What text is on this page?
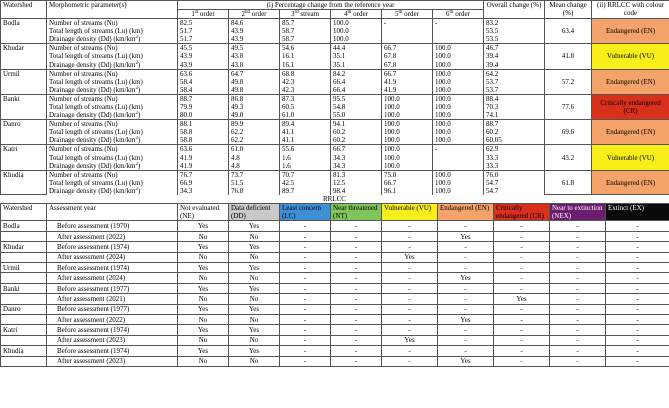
Watershed	Morphometric parameter(s)	(i) Percentage change from the reference year						Overall change (%)	Mean change (%)	(ii) RRLCC with colour code
		1st order	2nd order	3rd stream	4th order	5th order	6th order			
Bodla	Number of streams (Nu)	82.5	84.6	85.7	100.0	-	-	83.2	63.4	Endangered (EN)
	Total length of streams (Lu) (km)	51.7	43.9	58.7	100.0			53.5		
	Drainage density (Dd) $(km/km^2)$	51.7	43.9	58.7	100.0			53.5		
Khudar	Number of streams (Nu)	45.5	49.5	54.6	44.4	66.7	100.0	46.7	41.8	Vulnerable (VU)
	Total length of streams (Lu) (km)	43.9	43.8	16.1	35.1	67.8	100.0	39.4		
	Drainage density (Dd) $(km/km^2)$	43.9	43.8	16.1	35.1	67.8	100.0	39.4		
Urmil	Number of streams (Nu)	63.6	64.7	68.8	84.2	66.7	100.0	64.2	57.2	Endangered (EN)
	Total length of streams (Lu) (km)	58.4	49.8	42.3	66.4	41.9	100.0	53.7		
	Drainage density (Dd) $(km/km^2)$	58.4	49.8	42.3	66.4	41.9	100.0	53.7		
Banki	Number of streams (Nu)	88.7	86.8	87.3	95.5	100.0	100.0	88.4	77.6	Critically endangered (CR)
	Total length of streams (Lu) (km)	79.9	49.3	60.5	54.8	100.0	100.0	70.3		
	Drainage density (Dd) $(km/km^2)$	80.0	49.0	61.0	55.0	100.0	100.0	74.1		
Danro	Number of streams (Nu)	88.1	89.9	89.4	94.1	100.0	100.0	88.7	69.6	Endangered (EN)
	Total length of streams (Lu) (km)	58.8	62.2	41.1	60.2	100.0	100.0	60.2		
	Drainage density (Dd) $(km/km^2)$	58.8	62.2	41.1	60.2	100.0	100.0	60.05		
Katri	Number of streams (Nu)	63.6	61.0	55.6	66.7	100.0	-	62.9	43.2	Vulnerable (VU)
	Total length of streams (Lu) (km)	41.9	4.8	1.6	34.3	100.0		33.3		
	Drainage density (Dd) $(km/km^2)$	41.9	4.8	1.6	34.3	100.0		33.3		
Khudia	Number of streams (Nu)	76.7	73.7	70.7	81.3	75.0	100.0	76.0	61.8	Endangered (EN)
	Total length of streams (Lu) (km)	66.9	51.5	42.5	12.5	66.7	100.0	54.7		
	Drainage density (Dd) $(km/km^2)$	34.3	76.8	89.7	98.4	96.1	100.0	54.7		
RRLCC
Watershed	Assessment year	Not evaluated (NE)	Data deficient (DD)	Least concern (LC)	Near threatened (NT)	Vulnerable (VU)	Endangered (EN)	Critically endangered (CR)	Near to extinction (NEX)	Extinct (EX)
Bodla	Before assessment (1970)	Yes	Yes	-	-	-	-	-	-	-
	After assessment (2022)	No	No	-	-	-	Yes	-	-	-
Khudar	Before assessment (1974)	Yes	Yes	-	-	-	-	-	-	-
	After assessment (2024)	No	No	-	-	Yes	-	-	-	-
Urmil	Before assessment (1974)	Yes	Yes	-	-	-	-	-	-	-
	After assessment (2024)	No	No	-	-	-	Yes	-	-	-
Banki	Before assessment (1977)	Yes	Yes	-	-	-	-	-	-	-
	After assessment (2021)	No	No	-	-	-	-	Yes	-	-
Danro	Before assessment (1977)	Yes	Yes	-	-	-	-	-	-	-
	After assessment (2022)	No	No	-	-	-	Yes	-	-	-
Katri	Before assessment (1974)	Yes	Yes	-	-	-	-	-	-	-
	After assessment (2023)	No	No	-	-	Yes	-	-	-	-
Khudia	Before assessment (1974)	Yes	Yes	-	-	-	-	-	-	-
	After assessment (2023)	No	No	-	-	-	Yes	-	-	-
